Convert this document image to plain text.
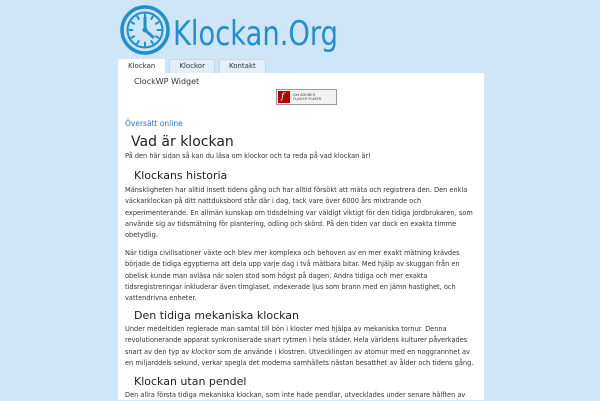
Klockan.Org
Klockan	Klockor	Kontakt
ClockWP Widget
f	Get ADOBE®
FLASH® PLAYER
Översätt online
Vad är klockan

På den här sidan så kan du läsa om klockor och ta reda på vad klockan är!

Klockans historia

Mänskligheten har alltid insett tidens gång och har alltid försökt att mäta och registrera den. Den enkla väckarklockan på ditt nattduksbord står där i dag, tack vare över 6000 års mixtrande och experimenterande. En allmän kunskap om tidsdelning var väldigt viktigt för den tidiga jordbrukaren, som använde sig av tidsmätning för plantering, odling och skörd. På den tiden var dock en exakta timme obetydlig.

När tidiga civilisationer växte och blev mer komplexa och behoven av en mer exakt mätning krävdes började de tidiga egyptierna att dela upp varje dag i två mätbara bitar. Med hjälp av skuggan från en obelisk kunde man avläsa när solen stod som högst på dagen. Andra tidiga och mer exakta tidsregistreringar inkluderar även timglaset, indexerade ljus som brann med en jämn hastighet, och vattendrivna enheter.

Den tidiga mekaniska klockan

Under medeltiden reglerade man samtal till bön i kloster med hjälpa av mekaniska tornur. Denna revolutionerande apparat synkroniserade snart rytmen i hela städer. Hela världens kulturer påverkades snart av den typ av klockor som de använde i klostren. Utvecklingen av atomur med en noggrannhet av en miljarddels sekund, verkar spegla det moderna samhällets nästan besatthet av ålder och tidens gång.

Klockan utan pendel

Den allra första tidiga mekaniska klockan, som inte hade pendlar, utvecklades under senare hälften av
